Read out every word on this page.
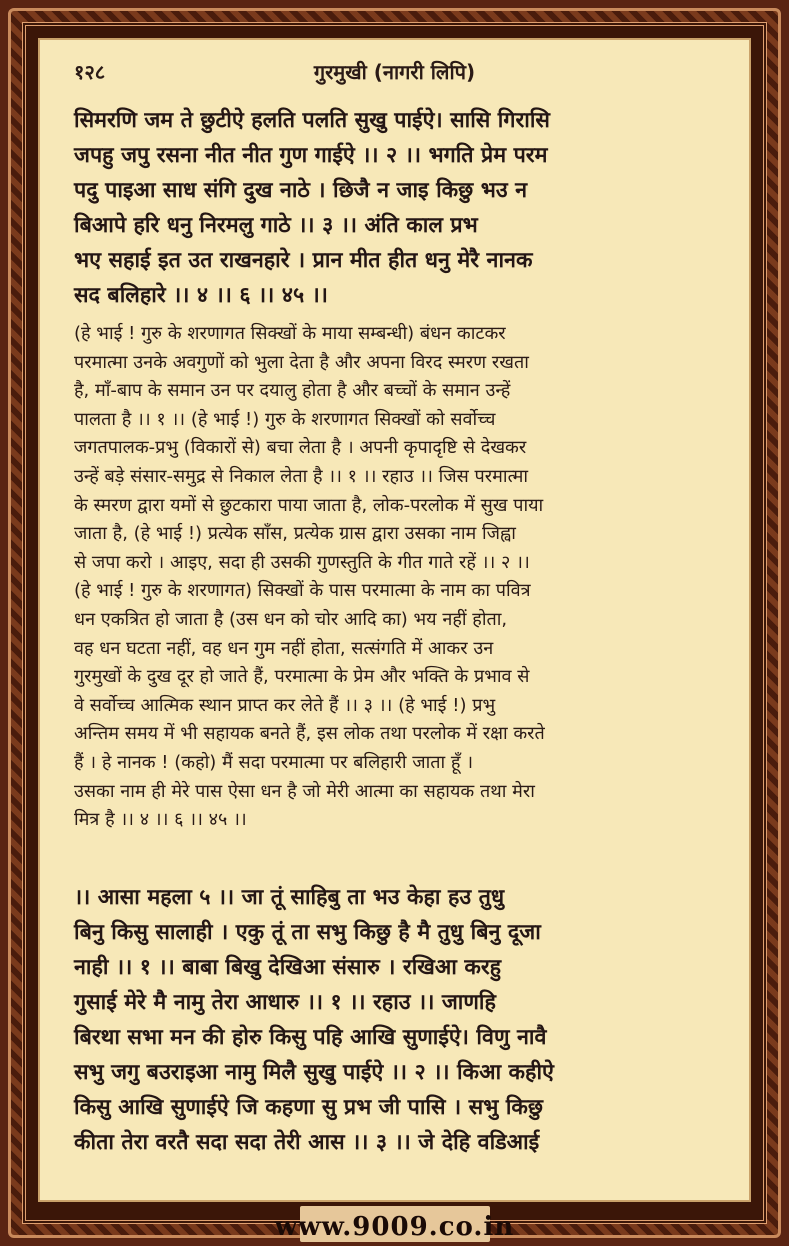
१२८	गुरमुखी (नागरी लिपि)
सिमरणि जम ते छुटीऐ हलति पलति सुखु पाईऐ। सासि गिरासि
जपहु जपु रसना नीत नीत गुण गाईऐ ।। २ ।। भगति प्रेम परम
पदु पाइआ साध संगि दुख नाठे । छिजै न जाइ किछु भउ न
बिआपे हरि धनु निरमलु गाठे ।। ३ ।। अंति काल प्रभ
भए सहाई इत उत राखनहारे । प्रान मीत हीत धनु मेरै नानक
सद बलिहारे ।। ४ ।। ६ ।। ४५ ।।
(हे भाई ! गुरु के शरणागत सिक्खों के माया सम्बन्धी) बंधन काटकर
परमात्मा उनके अवगुणों को भुला देता है और अपना विरद स्मरण रखता
है, माँ-बाप के समान उन पर दयालु होता है और बच्चों के समान उन्हें
पालता है ।। १ ।। (हे भाई !) गुरु के शरणागत सिक्खों को सर्वोच्च
जगतपालक-प्रभु (विकारों से) बचा लेता है । अपनी कृपादृष्टि से देखकर
उन्हें बड़े संसार-समुद्र से निकाल लेता है ।। १ ।। रहाउ ।। जिस परमात्मा
के स्मरण द्वारा यमों से छुटकारा पाया जाता है, लोक-परलोक में सुख पाया
जाता है, (हे भाई !) प्रत्येक साँस, प्रत्येक ग्रास द्वारा उसका नाम जिह्वा
से जपा करो । आइए, सदा ही उसकी गुणस्तुति के गीत गाते रहें ।। २ ।।
(हे भाई ! गुरु के शरणागत) सिक्खों के पास परमात्मा के नाम का पवित्र
धन एकत्रित हो जाता है (उस धन को चोर आदि का) भय नहीं होता,
वह धन घटता नहीं, वह धन गुम नहीं होता, सत्संगति में आकर उन
गुरमुखों के दुख दूर हो जाते हैं, परमात्मा के प्रेम और भक्ति के प्रभाव से
वे सर्वोच्च आत्मिक स्थान प्राप्त कर लेते हैं ।। ३ ।। (हे भाई !) प्रभु
अन्तिम समय में भी सहायक बनते हैं, इस लोक तथा परलोक में रक्षा करते
हैं । हे नानक ! (कहो) मैं सदा परमात्मा पर बलिहारी जाता हूँ ।
उसका नाम ही मेरे पास ऐसा धन है जो मेरी आत्मा का सहायक तथा मेरा
मित्र है ।। ४ ।। ६ ।। ४५ ।।
।। आसा महला ५ ।। जा तूं साहिबु ता भउ केहा हउ तुधु
बिनु किसु सालाही । एकु तूं ता सभु किछु है मै तुधु बिनु दूजा
नाही ।। १ ।। बाबा बिखु देखिआ संसारु । रखिआ करहु
गुसाई मेरे मै नामु तेरा आधारु ।। १ ।। रहाउ ।। जाणहि
बिरथा सभा मन की होरु किसु पहि आखि सुणाईऐ। विणु नावै
सभु जगु बउराइआ नामु मिलै सुखु पाईऐ ।। २ ।। किआ कहीऐ
किसु आखि सुणाईऐ जि कहणा सु प्रभ जी पासि । सभु किछु
कीता तेरा वरतै सदा सदा तेरी आस ।। ३ ।। जे देहि वडिआई
www.9009.co.in
